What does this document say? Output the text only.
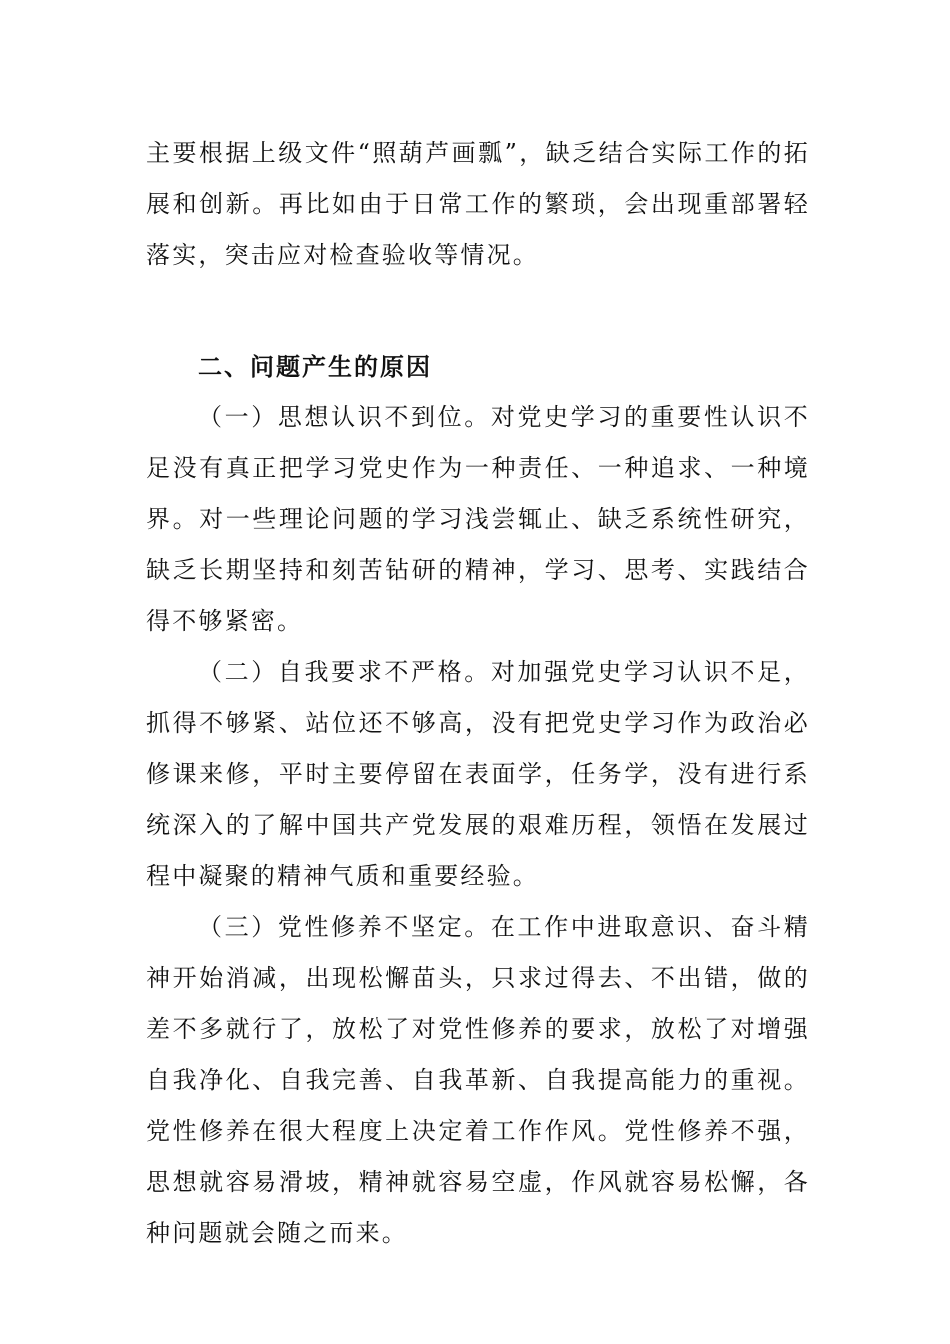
主要根据上级文件“照葫芦画瓢”，缺乏结合实际工作的拓展和创新。再比如由于日常工作的繁琐，会出现重部署轻落实，突击应对检查验收等情况。

二、问题产生的原因

（一）思想认识不到位。对党史学习的重要性认识不足没有真正把学习党史作为一种责任、一种追求、一种境界。对一些理论问题的学习浅尝辄止、缺乏系统性研究，缺乏长期坚持和刻苦钻研的精神，学习、思考、实践结合得不够紧密。

（二）自我要求不严格。对加强党史学习认识不足，抓得不够紧、站位还不够高，没有把党史学习作为政治必修课来修，平时主要停留在表面学，任务学，没有进行系统深入的了解中国共产党发展的艰难历程，领悟在发展过程中凝聚的精神气质和重要经验。

（三）党性修养不坚定。在工作中进取意识、奋斗精神开始消减，出现松懈苗头，只求过得去、不出错，做的差不多就行了，放松了对党性修养的要求，放松了对增强自我净化、自我完善、自我革新、自我提高能力的重视。党性修养在很大程度上决定着工作作风。党性修养不强，思想就容易滑坡，精神就容易空虚，作风就容易松懈，各种问题就会随之而来。
